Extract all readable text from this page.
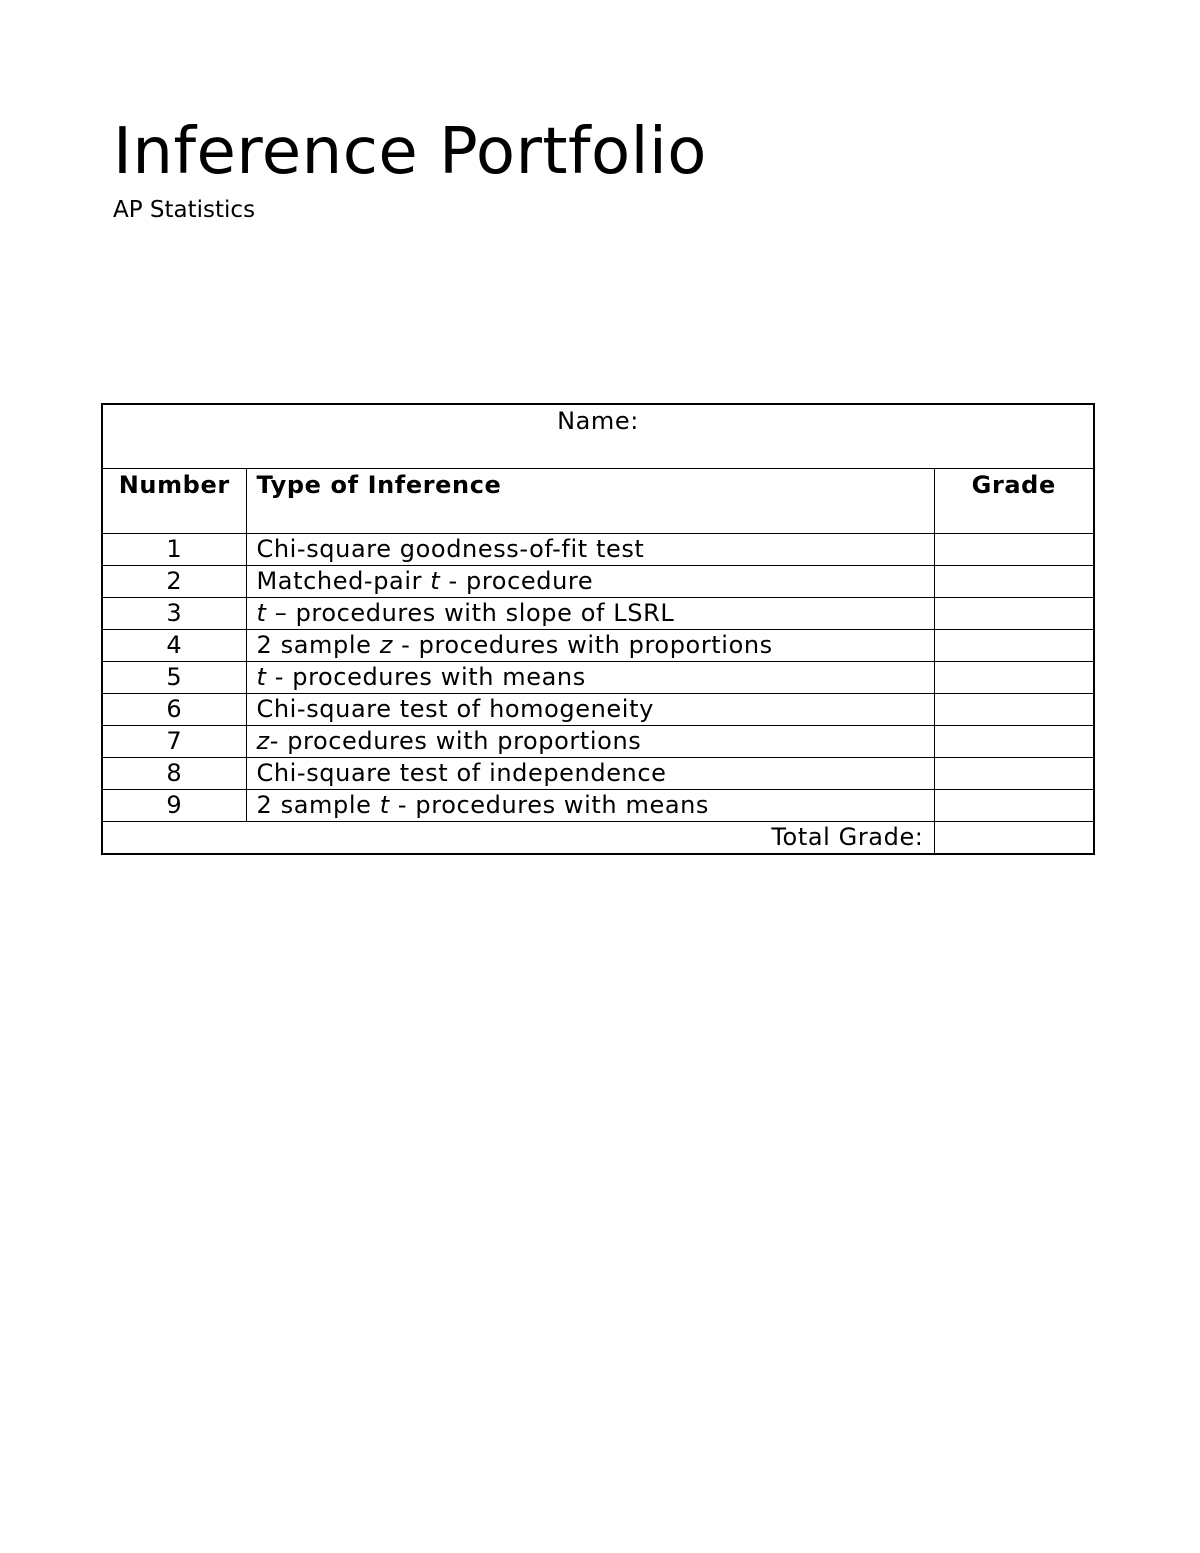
Inference Portfolio

AP Statistics

Name:		
Number	Type of Inference	Grade
1	Chi-square goodness-of-fit test	
2	Matched-pair t - procedure	
3	t – procedures with slope of LSRL	
4	2 sample z - procedures with proportions	
5	t - procedures with means	
6	Chi-square test of homogeneity	
7	z- procedures with proportions	
8	Chi-square test of independence	
9	2 sample t - procedures with means	
Total Grade:		
